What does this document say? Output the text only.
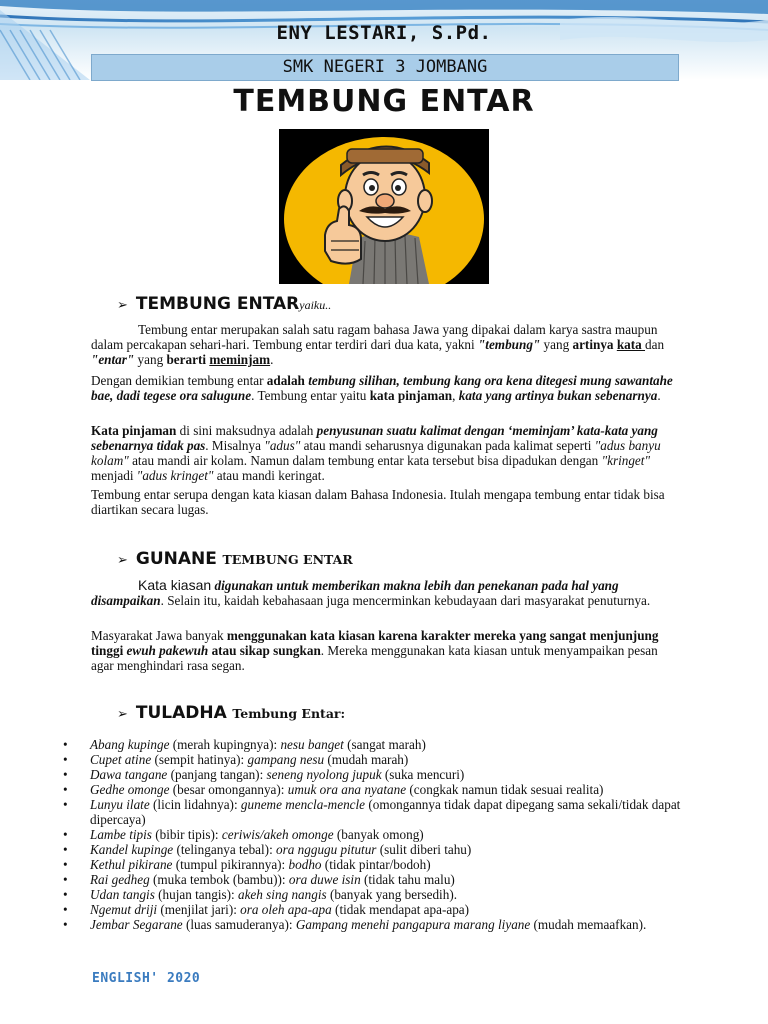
ENY LESTARI, S.Pd.
SMK NEGERI 3 JOMBANG
TEMBUNG ENTAR
➢ TEMBUNG ENTARyaiku..

Tembung entar merupakan salah satu ragam bahasa Jawa yang dipakai dalam karya sastra maupun dalam percakapan sehari-hari. Tembung entar terdiri dari dua kata, yakni "tembung" yang artinya kata dan "entar" yang berarti meminjam.

Dengan demikian tembung entar adalah tembung silihan, tembung kang ora kena ditegesi mung sawantahe bae, dadi tegese ora salugune. Tembung entar yaitu kata pinjaman, kata yang artinya bukan sebenarnya.

Kata pinjaman di sini maksudnya adalah penyusunan suatu kalimat dengan ‘meminjam’ kata-kata yang sebenarnya tidak pas. Misalnya "adus" atau mandi seharusnya digunakan pada kalimat seperti "adus banyu kolam" atau mandi air kolam. Namun dalam tembung entar kata tersebut bisa dipadukan dengan "kringet" menjadi "adus kringet" atau mandi keringat.

Tembung entar serupa dengan kata kiasan dalam Bahasa Indonesia. Itulah mengapa tembung entar tidak bisa diartikan secara lugas.

➢ GUNANE TEMBUNG ENTAR

Kata kiasan digunakan untuk memberikan makna lebih dan penekanan pada hal yang disampaikan. Selain itu, kaidah kebahasaan juga mencerminkan kebudayaan dari masyarakat penuturnya.

Masyarakat Jawa banyak menggunakan kata kiasan karena karakter mereka yang sangat menjunjung tinggi ewuh pakewuh atau sikap sungkan. Mereka menggunakan kata kiasan untuk menyampaikan pesan agar menghindari rasa segan.

➢ TULADHA Tembung Entar:
• Abang kupinge (merah kupingnya): nesu banget (sangat marah)
• Cupet atine (sempit hatinya): gampang nesu (mudah marah)
• Dawa tangane (panjang tangan): seneng nyolong jupuk (suka mencuri)
• Gedhe omonge (besar omongannya): umuk ora ana nyatane (congkak namun tidak sesuai realita)
• Lunyu ilate (licin lidahnya): guneme mencla-mencle (omongannya tidak dapat dipegang sama sekali/tidak dapat dipercaya)
• Lambe tipis (bibir tipis): ceriwis/akeh omonge (banyak omong)
• Kandel kupinge (telinganya tebal): ora nggugu pitutur (sulit diberi tahu)
• Kethul pikirane (tumpul pikirannya): bodho (tidak pintar/bodoh)
• Rai gedheg (muka tembok (bambu)): ora duwe isin (tidak tahu malu)
• Udan tangis (hujan tangis): akeh sing nangis (banyak yang bersedih).
• Ngemut driji (menjilat jari): ora oleh apa-apa (tidak mendapat apa-apa)
• Jembar Segarane (luas samuderanya): Gampang menehi pangapura marang liyane (mudah memaafkan).
ENGLISH' 2020
